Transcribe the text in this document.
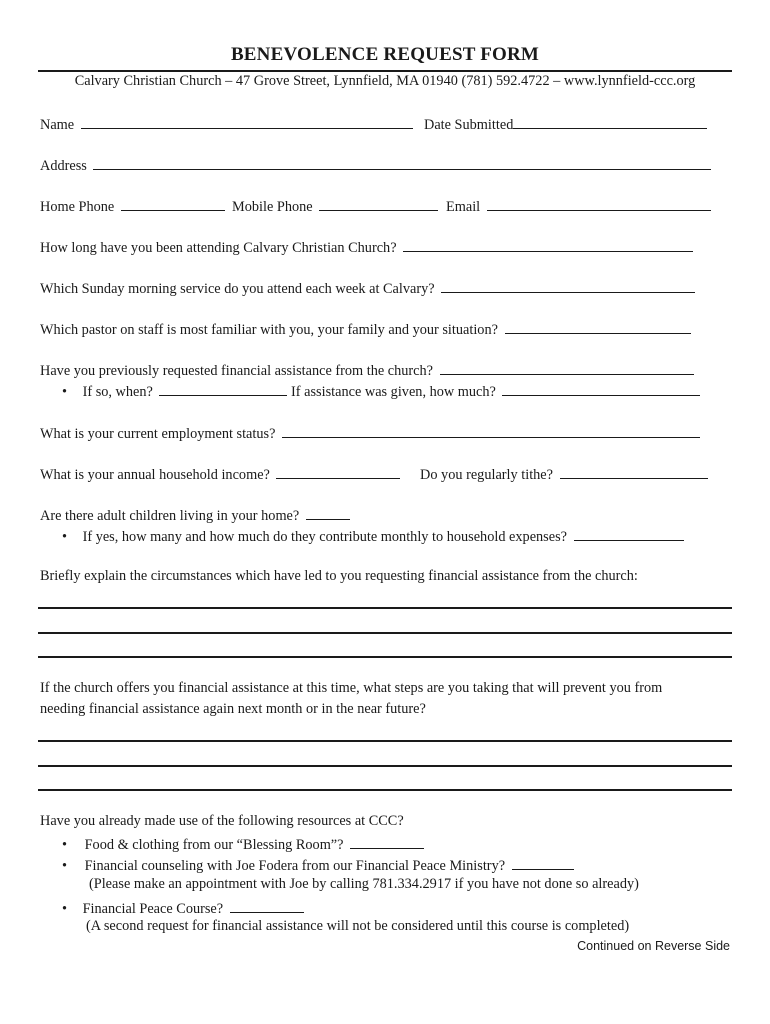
BENEVOLENCE REQUEST FORM
Calvary Christian Church – 47 Grove Street, Lynnfield, MA 01940 (781) 592.4722 – www.lynnfield-ccc.org
Name	Date Submitted
Address
Home Phone	Mobile Phone	Email
How long have you been attending Calvary Christian Church?
Which Sunday morning service do you attend each week at Calvary?
Which pastor on staff is most familiar with you, your family and your situation?
Have you previously requested financial assistance from the church?
• If so, when?	If assistance was given, how much?
What is your current employment status?
What is your annual household income?	Do you regularly tithe?
Are there adult children living in your home?
• If yes, how many and how much do they contribute monthly to household expenses?
Briefly explain the circumstances which have led to you requesting financial assistance from the church:
If the church offers you financial assistance at this time, what steps are you taking that will prevent you from
needing financial assistance again next month or in the near future?
Have you already made use of the following resources at CCC?
• Food & clothing from our “Blessing Room”?
• Financial counseling with Joe Fodera from our Financial Peace Ministry?
(Please make an appointment with Joe by calling 781.334.2917 if you have not done so already)
• Financial Peace Course?
(A second request for financial assistance will not be considered until this course is completed)
Continued on Reverse Side
